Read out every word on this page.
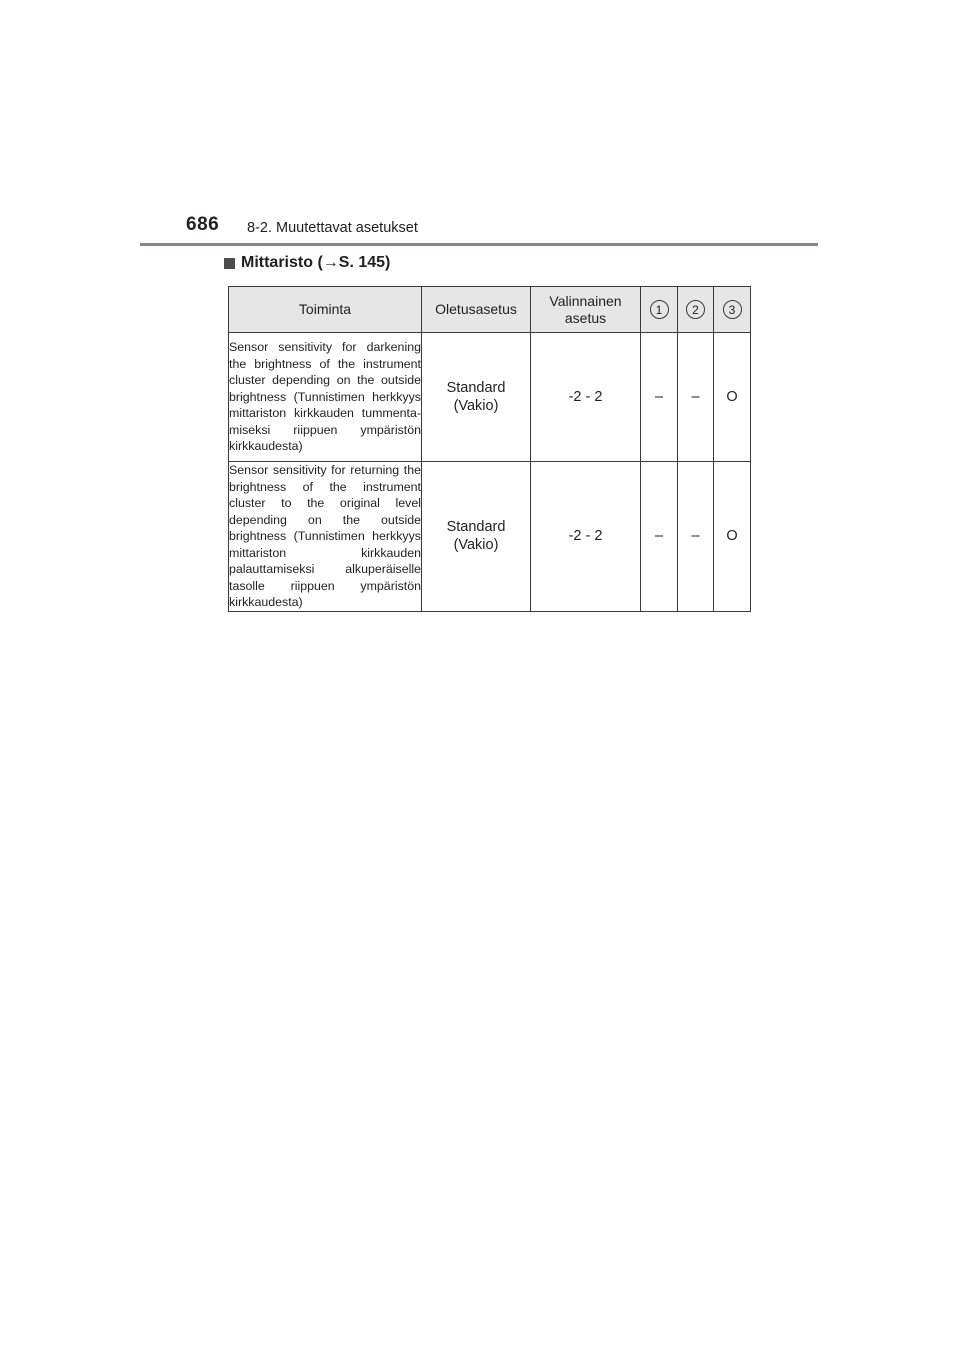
686 8-2. Muutettavat asetukset
Mittaristo (→S. 145)
Toiminta	Oletusasetus	Valinnainen asetus	1	2	3
Sensor sensitivity for darkening the brightness of the instrument cluster depending on the outside brightness (Tunnistimen herkkyys mittariston kirkkauden tummentamiseksi riippuen ympäristön kirkkaudesta)	Standard
(Vakio)	-2 - 2	–	–	O
Sensor sensitivity for returning the brightness of the instrument cluster to the original level depending on the outside brightness (Tunnistimen herkkyys mittariston kirkkauden palauttamiseksi alkuperäiselle tasolle riippuen ympäristön kirkkaudesta)	Standard
(Vakio)	-2 - 2	–	–	O
